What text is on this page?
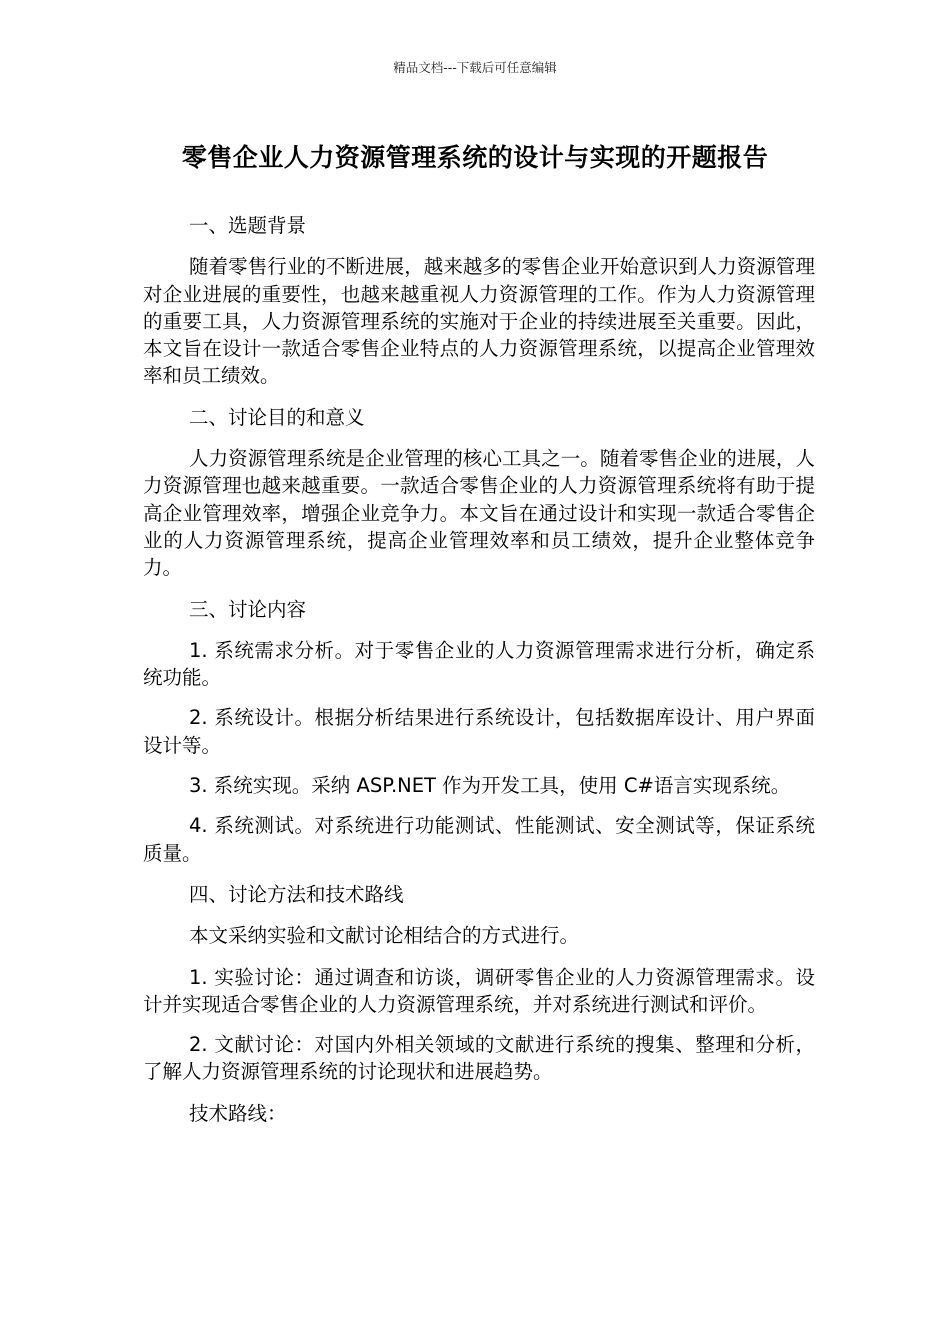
精品文档---下载后可任意编辑
零售企业人力资源管理系统的设计与实现的开题报告

一、选题背景

随着零售行业的不断进展，越来越多的零售企业开始意识到人力资源管理对企业进展的重要性，也越来越重视人力资源管理的工作。作为人力资源管理的重要工具，人力资源管理系统的实施对于企业的持续进展至关重要。因此，本文旨在设计一款适合零售企业特点的人力资源管理系统，以提高企业管理效率和员工绩效。

二、讨论目的和意义

人力资源管理系统是企业管理的核心工具之一。随着零售企业的进展，人力资源管理也越来越重要。一款适合零售企业的人力资源管理系统将有助于提高企业管理效率，增强企业竞争力。本文旨在通过设计和实现一款适合零售企业的人力资源管理系统，提高企业管理效率和员工绩效，提升企业整体竞争力。

三、讨论内容

1. 系统需求分析。对于零售企业的人力资源管理需求进行分析，确定系统功能。

2. 系统设计。根据分析结果进行系统设计，包括数据库设计、用户界面设计等。

3. 系统实现。采纳 ASP.NET 作为开发工具，使用 C#语言实现系统。

4. 系统测试。对系统进行功能测试、性能测试、安全测试等，保证系统质量。

四、讨论方法和技术路线

本文采纳实验和文献讨论相结合的方式进行。

1. 实验讨论：通过调查和访谈，调研零售企业的人力资源管理需求。设计并实现适合零售企业的人力资源管理系统，并对系统进行测试和评价。

2. 文献讨论：对国内外相关领域的文献进行系统的搜集、整理和分析，了解人力资源管理系统的讨论现状和进展趋势。

技术路线：
